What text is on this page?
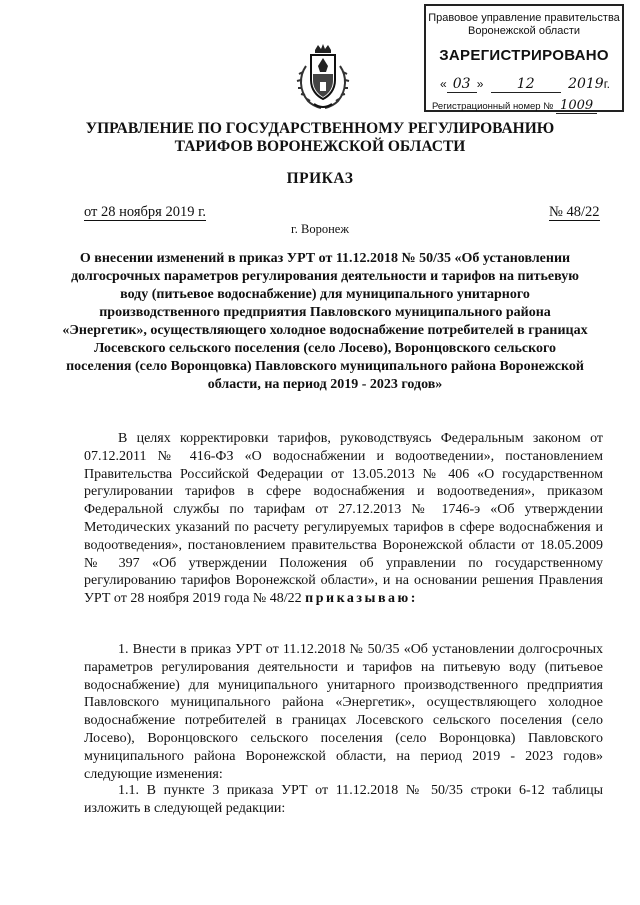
Правовое управление правительства
Воронежской области
ЗАРЕГИСТРИРОВАНО
« 03 » 12 2019г.
Регистрационный номер № 1009
УПРАВЛЕНИЕ ПО ГОСУДАРСТВЕННОМУ РЕГУЛИРОВАНИЮ
ТАРИФОВ ВОРОНЕЖСКОЙ ОБЛАСТИ
ПРИКАЗ
от 28 ноября 2019 г.	№ 48/22
г. Воронеж
О внесении изменений в приказ УРТ от 11.12.2018 № 50/35 «Об установлении долгосрочных параметров регулирования деятельности и тарифов на питьевую воду (питьевое водоснабжение) для муниципального унитарного производственного предприятия Павловского муниципального района «Энергетик», осуществляющего холодное водоснабжение потребителей в границах Лосевского сельского поселения (село Лосево), Воронцовского сельского поселения (село Воронцовка) Павловского муниципального района Воронежской области, на период 2019 - 2023 годов»
В целях корректировки тарифов, руководствуясь Федеральным законом от 07.12.2011 № 416-ФЗ «О водоснабжении и водоотведении», постановлением Правительства Российской Федерации от 13.05.2013 № 406 «О государственном регулировании тарифов в сфере водоснабжения и водоотведения», приказом Федеральной службы по тарифам от 27.12.2013 № 1746-э «Об утверждении Методических указаний по расчету регулируемых тарифов в сфере водоснабжения и водоотведения», постановлением правительства Воронежской области от 18.05.2009 № 397 «Об утверждении Положения об управлении по государственному регулированию тарифов Воронежской области», и на основании решения Правления УРТ от 28 ноября 2019 года № 48/22 приказываю:
1. Внести в приказ УРТ от 11.12.2018 № 50/35 «Об установлении долгосрочных параметров регулирования деятельности и тарифов на питьевую воду (питьевое водоснабжение) для муниципального унитарного производственного предприятия Павловского муниципального района «Энергетик», осуществляющего холодное водоснабжение потребителей в границах Лосевского сельского поселения (село Лосево), Воронцовского сельского поселения (село Воронцовка) Павловского муниципального района Воронежской области, на период 2019 - 2023 годов» следующие изменения:
1.1. В пункте 3 приказа УРТ от 11.12.2018 № 50/35 строки 6-12 таблицы изложить в следующей редакции:
